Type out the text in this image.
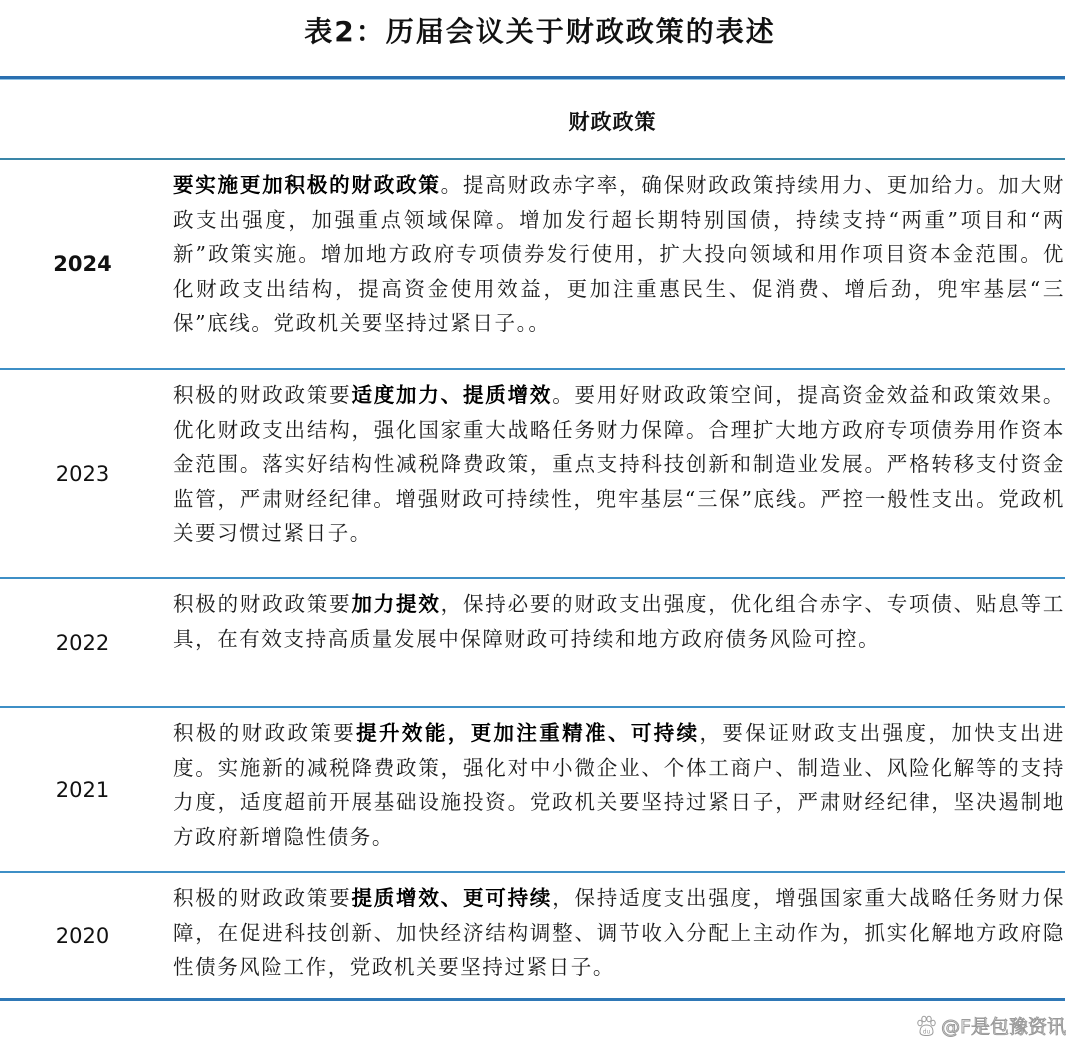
表2：历届会议关于财政政策的表述
财政政策
2024
要实施更加积极的财政政策。提高财政赤字率，确保财政政策持续用力、更加给力。加大财政支出强度，加强重点领域保障。增加发行超长期特别国债，持续支持“两重”项目和“两新”政策实施。增加地方政府专项债券发行使用，扩大投向领域和用作项目资本金范围。优化财政支出结构，提高资金使用效益，更加注重惠民生、促消费、增后劲，兜牢基层“三保”底线。党政机关要坚持过紧日子。。
2023
积极的财政政策要适度加力、提质增效。要用好财政政策空间，提高资金效益和政策效果。优化财政支出结构，强化国家重大战略任务财力保障。合理扩大地方政府专项债券用作资本金范围。落实好结构性减税降费政策，重点支持科技创新和制造业发展。严格转移支付资金监管，严肃财经纪律。增强财政可持续性，兜牢基层“三保”底线。严控一般性支出。党政机关要习惯过紧日子。
2022
积极的财政政策要加力提效，保持必要的财政支出强度，优化组合赤字、专项债、贴息等工具，在有效支持高质量发展中保障财政可持续和地方政府债务风险可控。
2021
积极的财政政策要提升效能，更加注重精准、可持续，要保证财政支出强度，加快支出进度。实施新的减税降费政策，强化对中小微企业、个体工商户、制造业、风险化解等的支持力度，适度超前开展基础设施投资。党政机关要坚持过紧日子，严肃财经纪律，坚决遏制地方政府新增隐性债务。
2020
积极的财政政策要提质增效、更可持续，保持适度支出强度，增强国家重大战略任务财力保障，在促进科技创新、加快经济结构调整、调节收入分配上主动作为，抓实化解地方政府隐性债务风险工作，党政机关要坚持过紧日子。
du @F是包豫资讯
